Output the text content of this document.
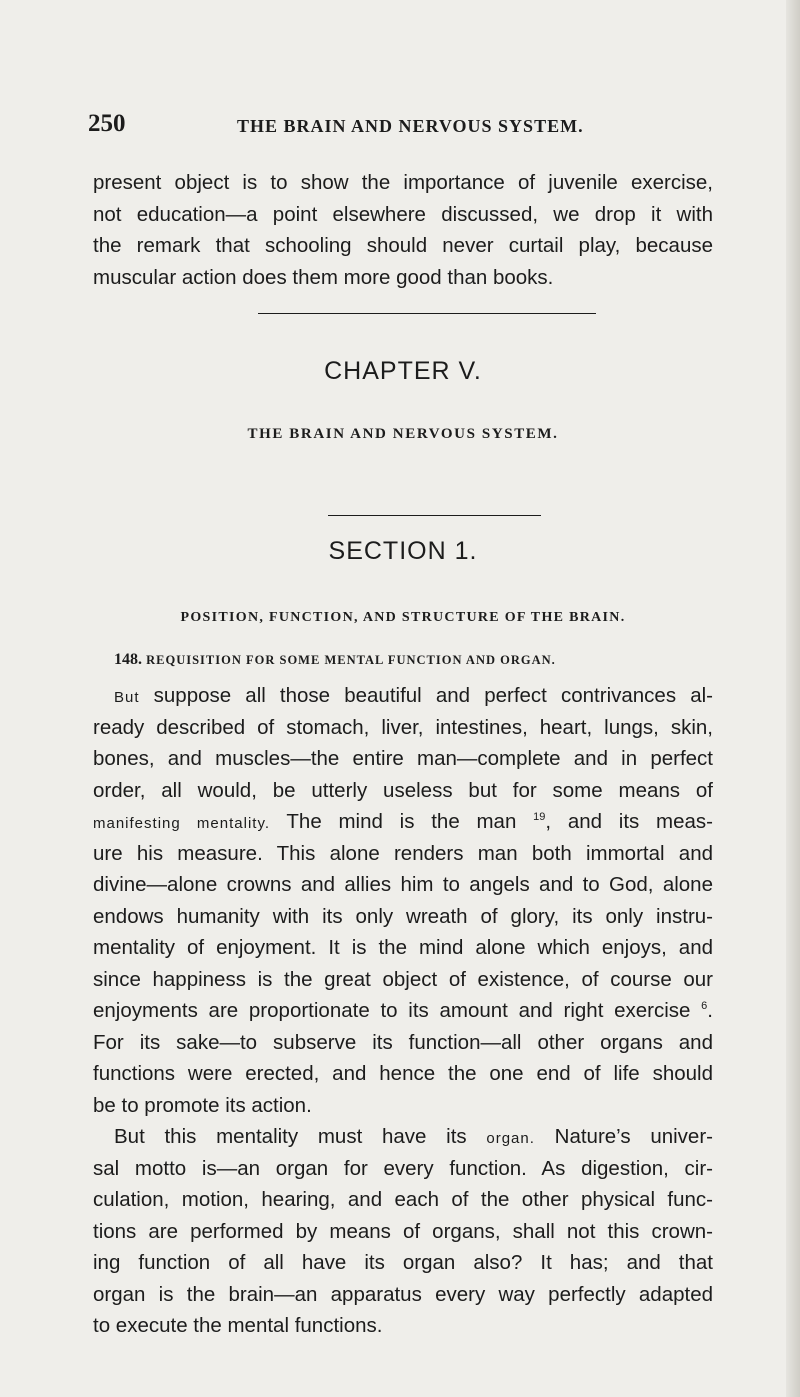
250	THE BRAIN AND NERVOUS SYSTEM.
present object is to show the importance of juvenile exercise,
not education—a point elsewhere discussed, we drop it with
the remark that schooling should never curtail play, because
muscular action does them more good than books.
CHAPTER V.
THE BRAIN AND NERVOUS SYSTEM.
SECTION 1.
POSITION, FUNCTION, AND STRUCTURE OF THE BRAIN.
148. REQUISITION FOR SOME MENTAL FUNCTION AND ORGAN.
But suppose all those beautiful and perfect contrivances al-
ready described of stomach, liver, intestines, heart, lungs, skin,
bones, and muscles—the entire man—complete and in perfect
order, all would, be utterly useless but for some means of
manifesting mentality. The mind is the man $^{19}$, and its meas-
ure his measure. This alone renders man both immortal and
divine—alone crowns and allies him to angels and to God, alone
endows humanity with its only wreath of glory, its only instru-
mentality of enjoyment. It is the mind alone which enjoys, and
since happiness is the great object of existence, of course our
enjoyments are proportionate to its amount and right exercise $^6$.
For its sake—to subserve its function—all other organs and
functions were erected, and hence the one end of life should
be to promote its action.
But this mentality must have its organ. Nature’s univer-
sal motto is—an organ for every function. As digestion, cir-
culation, motion, hearing, and each of the other physical func-
tions are performed by means of organs, shall not this crown-
ing function of all have its organ also? It has; and that
organ is the brain—an apparatus every way perfectly adapted
to execute the mental functions.
